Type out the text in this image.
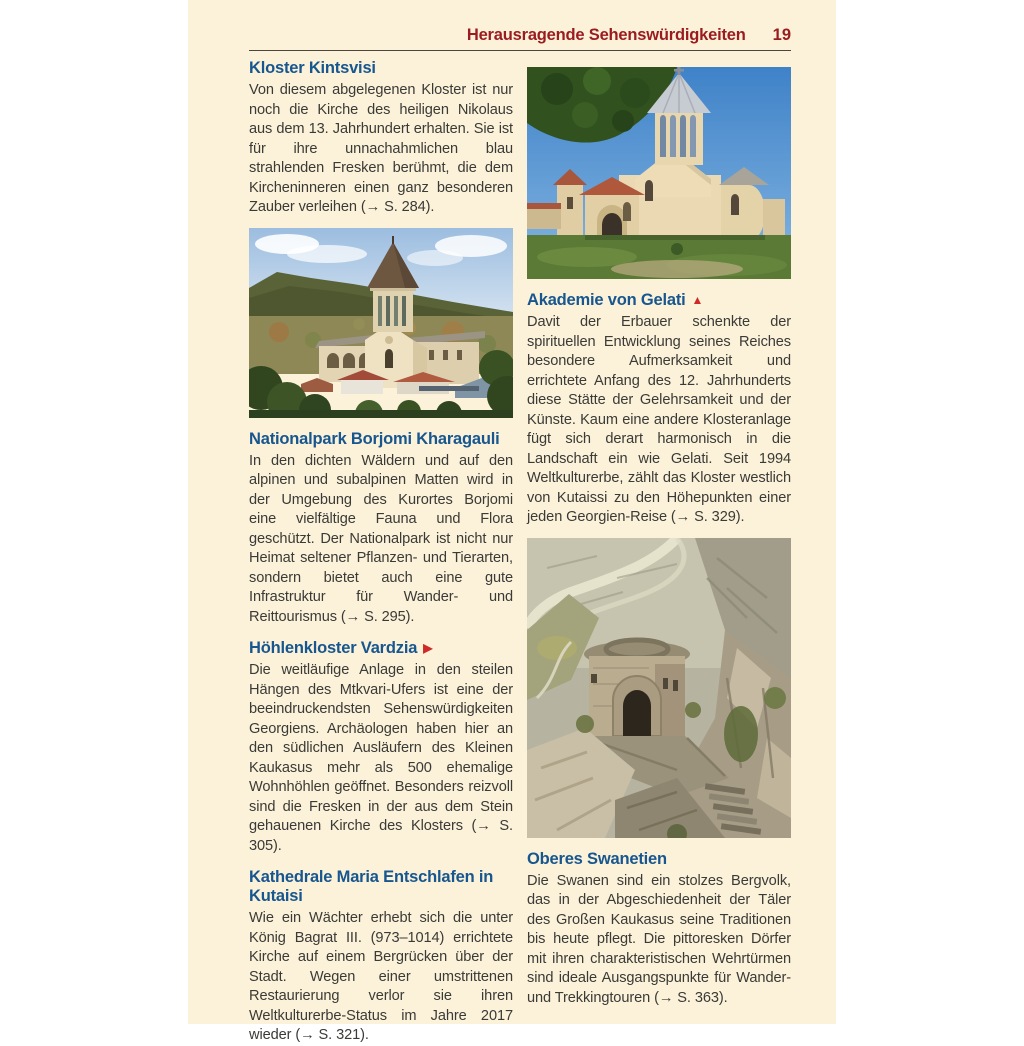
Herausragende Sehenswürdigkeiten 19
Kloster Kintsvisi

Von diesem abgelegenen Kloster ist nur noch die Kirche des heiligen Nikolaus aus dem 13. Jahrhundert erhalten. Sie ist für ihre unnachahmlichen blau strahlenden Fresken berühmt, die dem Kircheninneren einen ganz besonderen Zauber verleihen (→ S. 284).

Nationalpark Borjomi Kharagauli

In den dichten Wäldern und auf den alpinen und subalpinen Matten wird in der Umgebung des Kurortes Borjomi eine vielfältige Fauna und Flora geschützt. Der Nationalpark ist nicht nur Heimat seltener Pflanzen- und Tierarten, sondern bietet auch eine gute Infrastruktur für Wander- und Reittourismus (→ S. 295).

Höhlenkloster Vardzia ▶

Die weitläufige Anlage in den steilen Hängen des Mtkvari-Ufers ist eine der beeindruckendsten Sehenswürdigkeiten Georgiens. Archäologen haben hier an den südlichen Ausläufern des Kleinen Kaukasus mehr als 500 ehemalige Wohnhöhlen geöffnet. Besonders reizvoll sind die Fresken in der aus dem Stein gehauenen Kirche des Klosters (→ S. 305).

Kathedrale Maria Entschlafen in Kutaisi

Wie ein Wächter erhebt sich die unter König Bagrat III. (973–1014) errichtete Kirche auf einem Bergrücken über der Stadt. Wegen einer umstrittenen Restaurierung verlor sie ihren Weltkulturerbe-Status im Jahre 2017 wieder (→ S. 321).

Akademie von Gelati ▲

Davit der Erbauer schenkte der spirituellen Entwicklung seines Reiches besondere Aufmerksamkeit und errichtete Anfang des 12. Jahrhunderts diese Stätte der Gelehrsamkeit und der Künste. Kaum eine andere Klosteranlage fügt sich derart harmonisch in die Landschaft ein wie Gelati. Seit 1994 Weltkulturerbe, zählt das Kloster westlich von Kutaissi zu den Höhepunkten einer jeden Georgien-Reise (→ S. 329).

Oberes Swanetien

Die Swanen sind ein stolzes Bergvolk, das in der Abgeschiedenheit der Täler des Großen Kaukasus seine Traditionen bis heute pflegt. Die pittoresken Dörfer mit ihren charakteristischen Wehrtürmen sind ideale Ausgangspunkte für Wander- und Trekkingtouren (→ S. 363).
